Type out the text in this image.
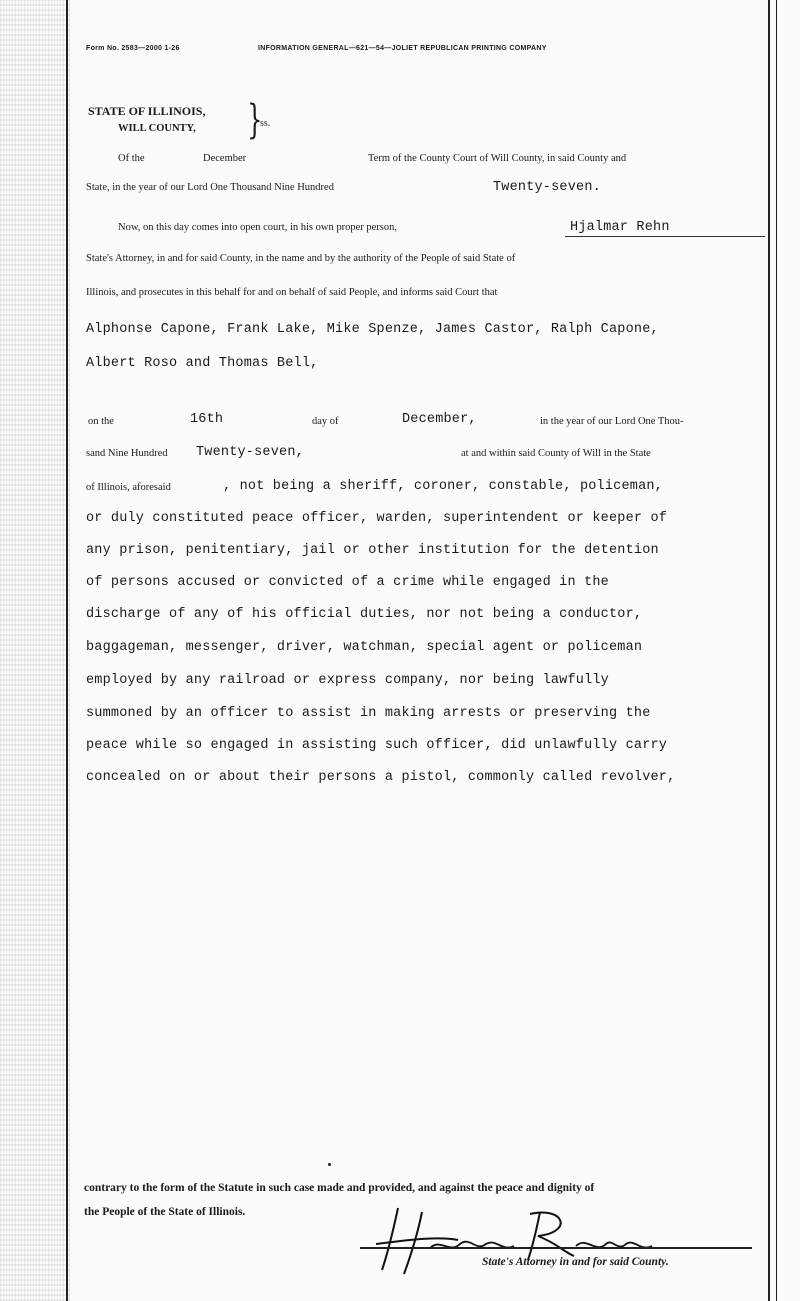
Form No. 2583—2000 1-26	INFORMATION GENERAL—621—54—JOLIET REPUBLICAN PRINTING COMPANY
STATE OF ILLINOIS,
WILL COUNTY, }
ss.
Of the	December	Term of the County Court of Will County, in said County and
State, in the year of our Lord One Thousand Nine Hundred	Twenty-seven.
Now, on this day comes into open court, in his own proper person,	Hjalmar Rehn
State's Attorney, in and for said County, in the name and by the authority of the People of said State of
Illinois, and prosecutes in this behalf for and on behalf of said People, and informs said Court that
Alphonse Capone, Frank Lake, Mike Spenze, James Castor, Ralph Capone,
Albert Roso and Thomas Bell,
on the	16th	day of	December,	in the year of our Lord One Thou-
sand Nine Hundred Twenty-seven,	at and within said County of Will in the State
of Illinois, aforesaid	, not being a sheriff, coroner, constable, policeman,
or duly constituted peace officer, warden, superintendent or keeper of
any prison, penitentiary, jail or other institution for the detention
of persons accused or convicted of a crime while engaged in the
discharge of any of his official duties, nor not being a conductor,
baggageman, messenger, driver, watchman, special agent or policeman
employed by any railroad or express company, nor being lawfully
summoned by an officer to assist in making arrests or preserving the
peace while so engaged in assisting such officer, did unlawfully carry
concealed on or about their persons a pistol, commonly called revolver,
contrary to the form of the Statute in such case made and provided, and against the peace and dignity of
the People of the State of Illinois.
State's Attorney in and for said County.
